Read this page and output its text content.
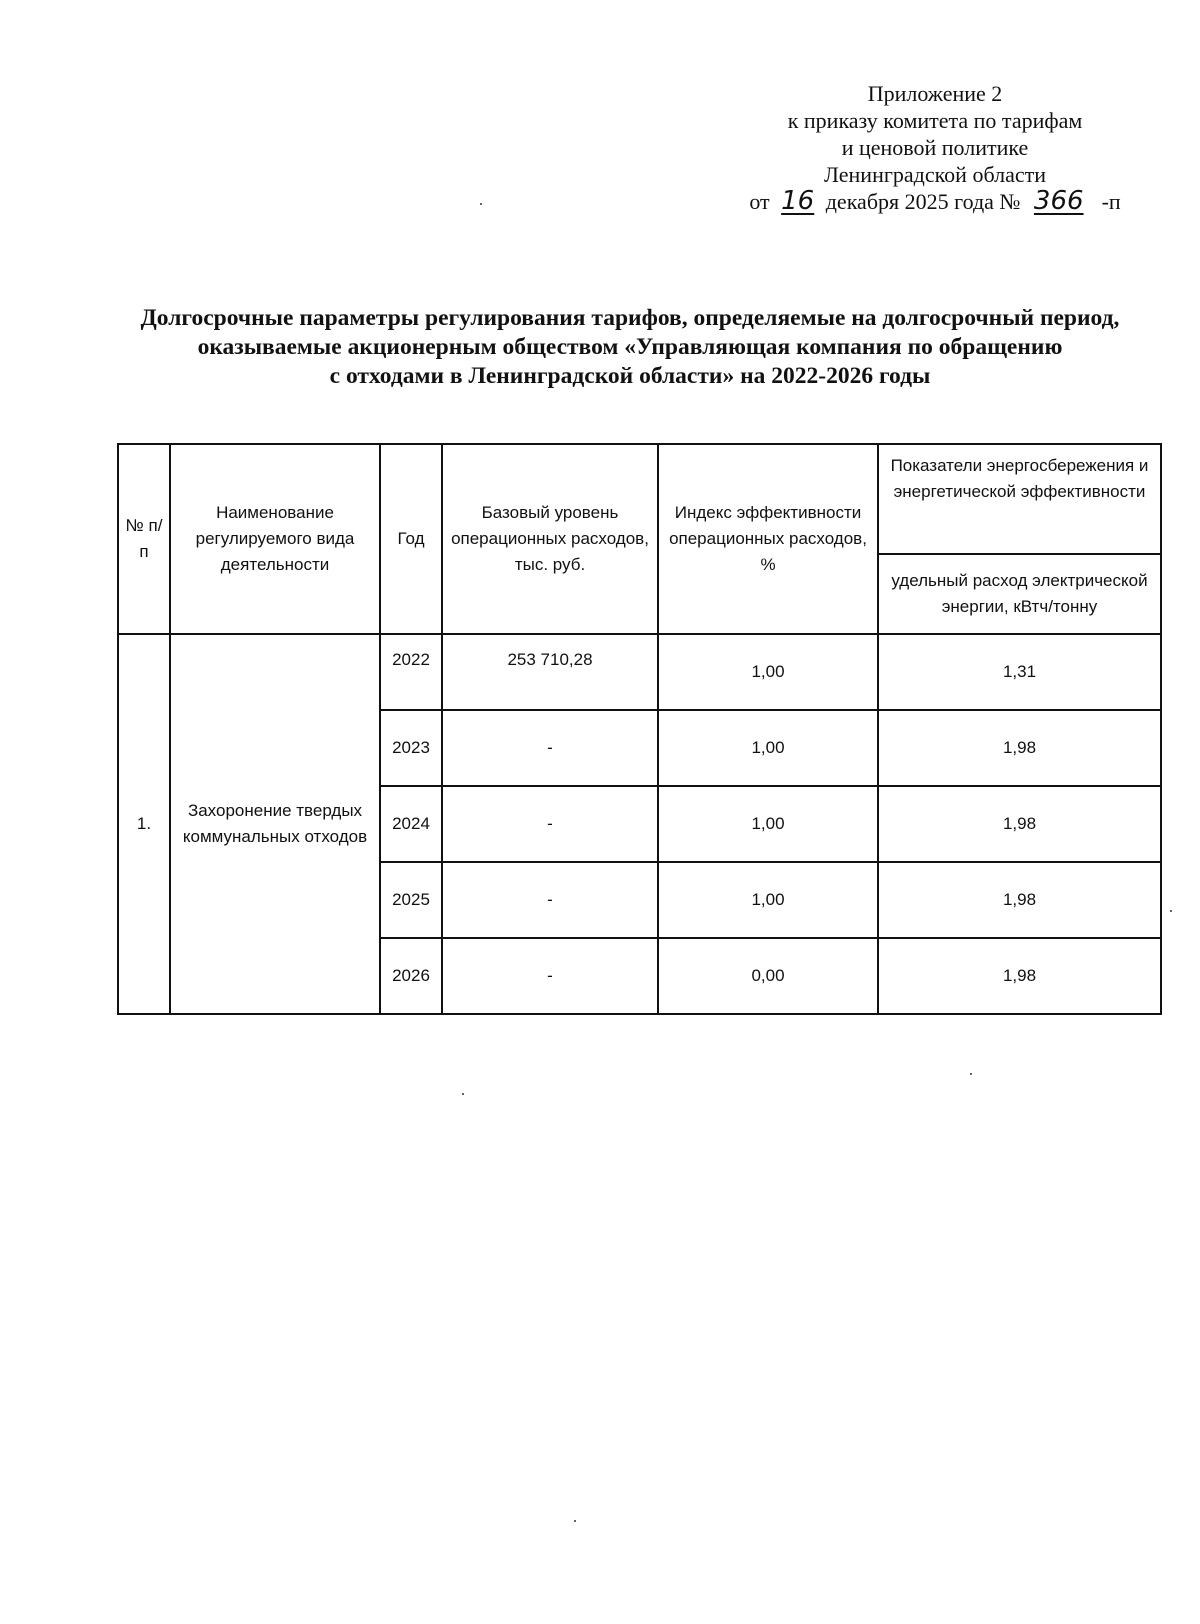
Приложение 2
к приказу комитета по тарифам
и ценовой политике
Ленинградской области
от 16 декабря 2025 года № 366 -п
Долгосрочные параметры регулирования тарифов, определяемые на долгосрочный период,
оказываемые акционерным обществом «Управляющая компания по обращению
с отходами в Ленинградской области» на 2022-2026 годы
№ п/п	Наименование регулируемого вида деятельности	Год	Базовый уровень операционных расходов, тыс. руб.	Индекс эффективности операционных расходов, %	Показатели энергосбережения и энергетической эффективности
					удельный расход электрической энергии, кВтч/тонну
1.	Захоронение твердых коммунальных отходов	2022	253 710,28	1,00	1,31
		2023	-	1,00	1,98
		2024	-	1,00	1,98
		2025	-	1,00	1,98
		2026	-	0,00	1,98
